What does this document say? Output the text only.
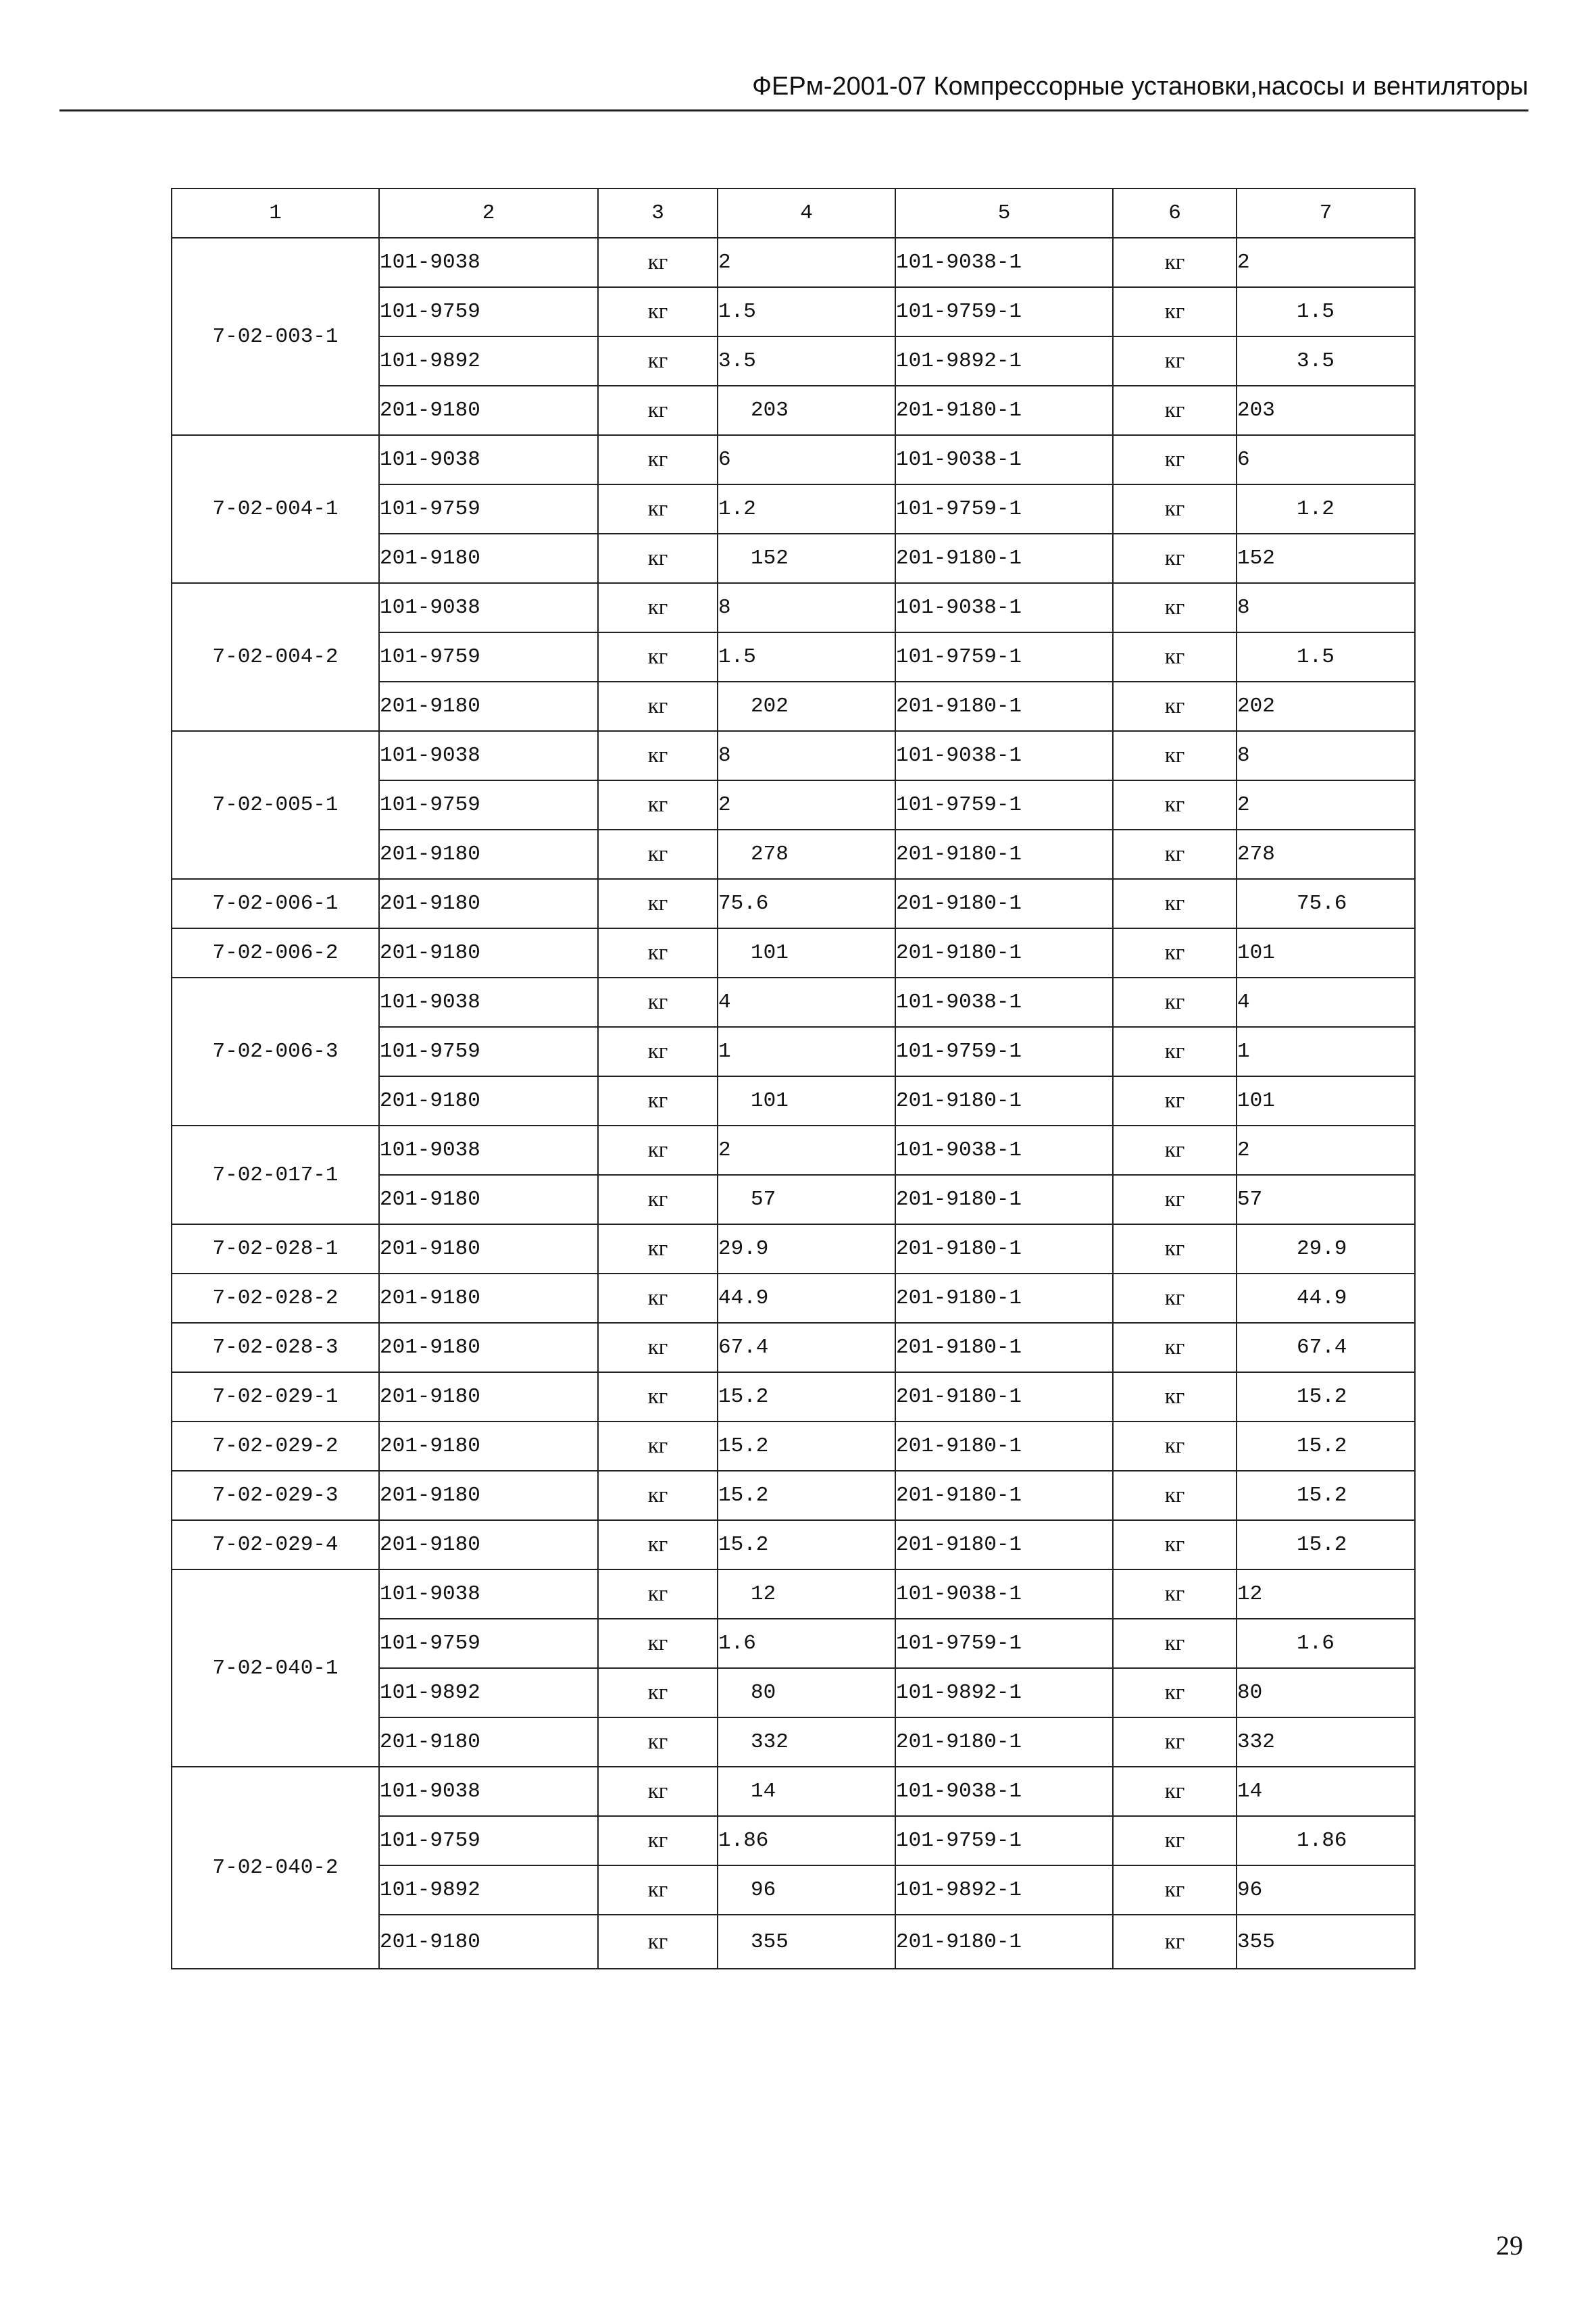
ФЕРм-2001-07 Компрессорные установки,насосы и вентиляторы
1	2	3	4	5	6	7
7-02-003-1	101-9038	кг	2	101-9038-1	кг	2
	101-9759	кг	1.5	101-9759-1	кг	1.5
	101-9892	кг	3.5	101-9892-1	кг	3.5
	201-9180	кг	203	201-9180-1	кг	203
7-02-004-1	101-9038	кг	6	101-9038-1	кг	6
	101-9759	кг	1.2	101-9759-1	кг	1.2
	201-9180	кг	152	201-9180-1	кг	152
7-02-004-2	101-9038	кг	8	101-9038-1	кг	8
	101-9759	кг	1.5	101-9759-1	кг	1.5
	201-9180	кг	202	201-9180-1	кг	202
7-02-005-1	101-9038	кг	8	101-9038-1	кг	8
	101-9759	кг	2	101-9759-1	кг	2
	201-9180	кг	278	201-9180-1	кг	278
7-02-006-1	201-9180	кг	75.6	201-9180-1	кг	75.6
7-02-006-2	201-9180	кг	101	201-9180-1	кг	101
7-02-006-3	101-9038	кг	4	101-9038-1	кг	4
	101-9759	кг	1	101-9759-1	кг	1
	201-9180	кг	101	201-9180-1	кг	101
7-02-017-1	101-9038	кг	2	101-9038-1	кг	2
	201-9180	кг	57	201-9180-1	кг	57
7-02-028-1	201-9180	кг	29.9	201-9180-1	кг	29.9
7-02-028-2	201-9180	кг	44.9	201-9180-1	кг	44.9
7-02-028-3	201-9180	кг	67.4	201-9180-1	кг	67.4
7-02-029-1	201-9180	кг	15.2	201-9180-1	кг	15.2
7-02-029-2	201-9180	кг	15.2	201-9180-1	кг	15.2
7-02-029-3	201-9180	кг	15.2	201-9180-1	кг	15.2
7-02-029-4	201-9180	кг	15.2	201-9180-1	кг	15.2
7-02-040-1	101-9038	кг	12	101-9038-1	кг	12
	101-9759	кг	1.6	101-9759-1	кг	1.6
	101-9892	кг	80	101-9892-1	кг	80
	201-9180	кг	332	201-9180-1	кг	332
7-02-040-2	101-9038	кг	14	101-9038-1	кг	14
	101-9759	кг	1.86	101-9759-1	кг	1.86
	101-9892	кг	96	101-9892-1	кг	96
	201-9180	кг	355	201-9180-1	кг	355
29
